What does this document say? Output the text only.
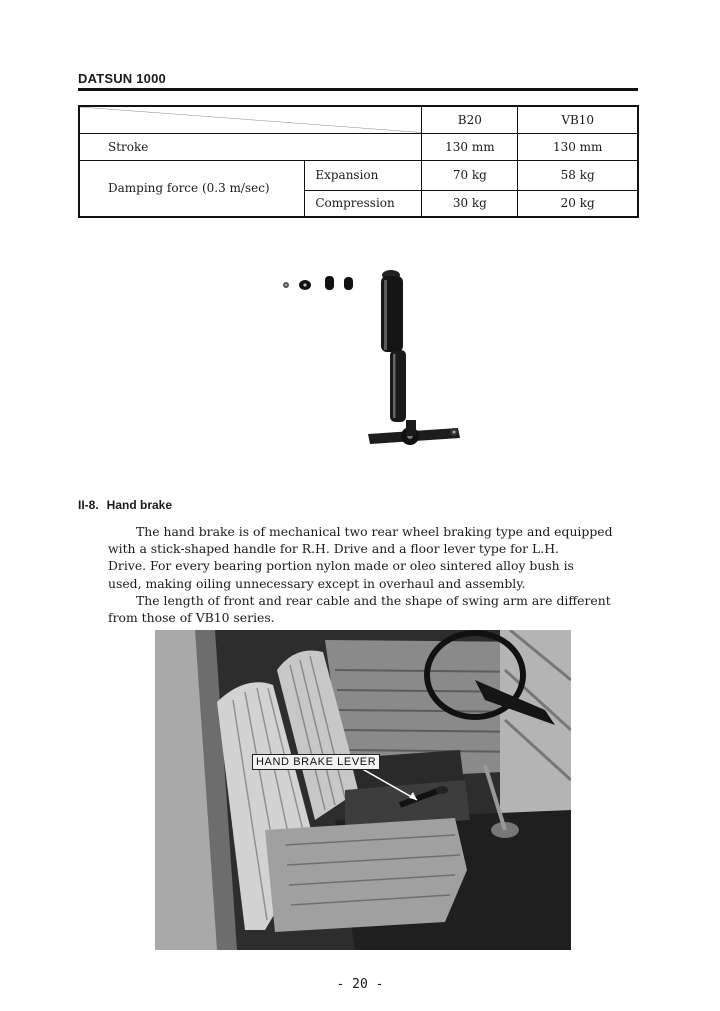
DATSUN 1000
	B20	VB10
Stroke		130 mm	130 mm
Damping force (0.3 m/sec)	Expansion	70 kg	58 kg
	Compression	30 kg	20 kg
II-8. Hand brake
The hand brake is of mechanical two rear wheel braking type and equipped
with a stick-shaped handle for R.H. Drive and a floor lever type for L.H.
Drive. For every bearing portion nylon made or oleo sintered alloy bush is
used, making oiling unnecessary except in overhaul and assembly.
The length of front and rear cable and the shape of swing arm are different
from those of VB10 series.
HAND BRAKE LEVER
- 20 -
